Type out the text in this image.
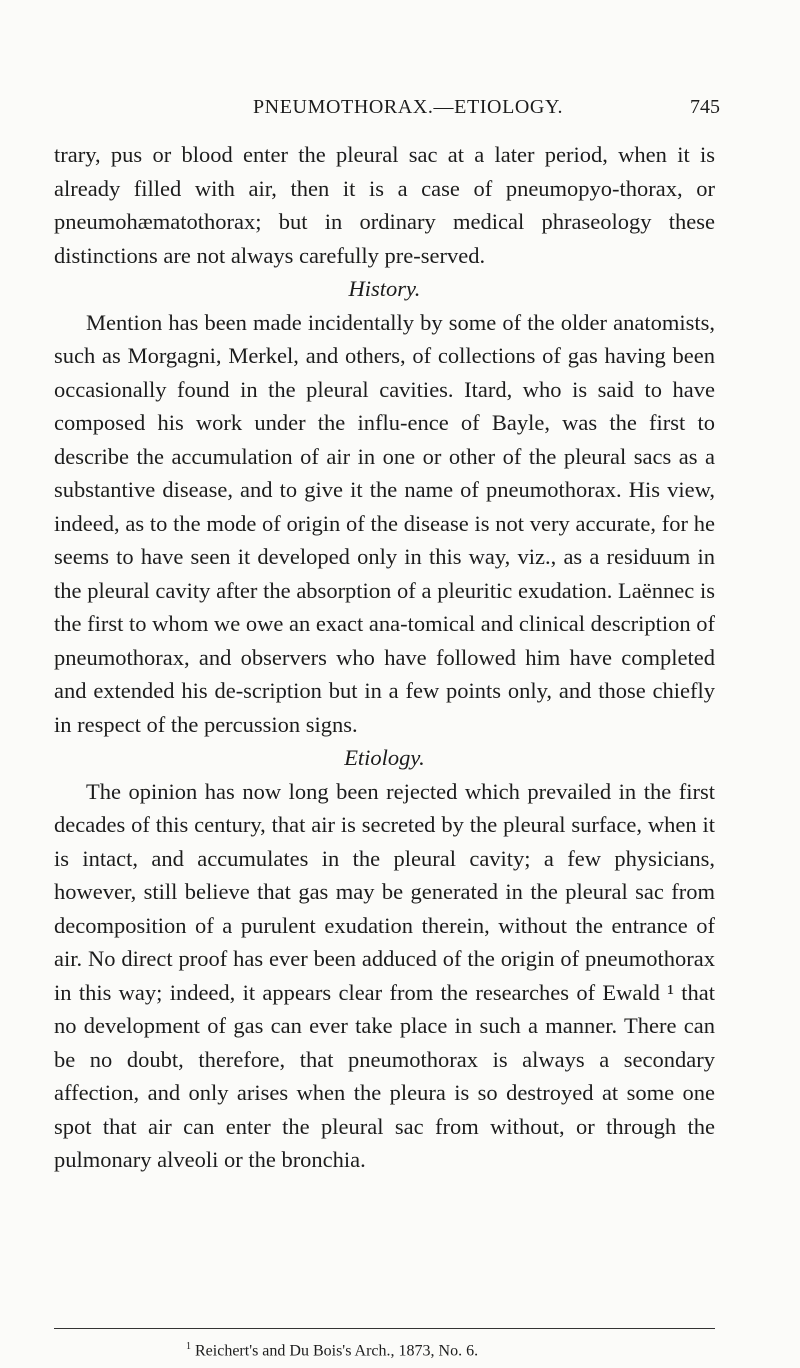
PNEUMOTHORAX.—ETIOLOGY.	745

trary, pus or blood enter the pleural sac at a later period, when it is already filled with air, then it is a case of pneumopyo-thorax, or pneumohæmatothorax; but in ordinary medical phraseology these distinctions are not always carefully pre-served.

History.

Mention has been made incidentally by some of the older anatomists, such as Morgagni, Merkel, and others, of collections of gas having been occasionally found in the pleural cavities. Itard, who is said to have composed his work under the influ-ence of Bayle, was the first to describe the accumulation of air in one or other of the pleural sacs as a substantive disease, and to give it the name of pneumothorax. His view, indeed, as to the mode of origin of the disease is not very accurate, for he seems to have seen it developed only in this way, viz., as a residuum in the pleural cavity after the absorption of a pleuritic exudation. Laënnec is the first to whom we owe an exact ana-tomical and clinical description of pneumothorax, and observers who have followed him have completed and extended his de-scription but in a few points only, and those chiefly in respect of the percussion signs.

Etiology.

The opinion has now long been rejected which prevailed in the first decades of this century, that air is secreted by the pleural surface, when it is intact, and accumulates in the pleural cavity; a few physicians, however, still believe that gas may be generated in the pleural sac from decomposition of a purulent exudation therein, without the entrance of air. No direct proof has ever been adduced of the origin of pneumothorax in this way; indeed, it appears clear from the researches of Ewald ¹ that no development of gas can ever take place in such a manner. There can be no doubt, therefore, that pneumothorax is always a secondary affection, and only arises when the pleura is so destroyed at some one spot that air can enter the pleural sac from without, or through the pulmonary alveoli or the bronchia.

$^1$ Reichert's and Du Bois's Arch., 1873, No. 6.
